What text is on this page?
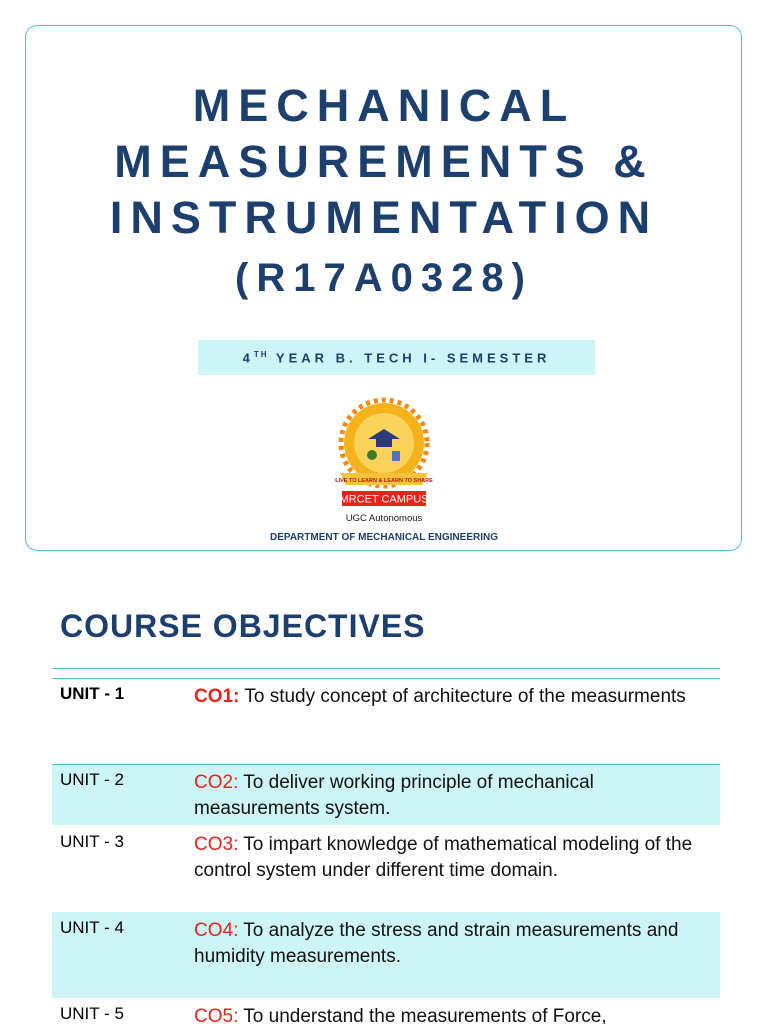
MECHANICAL
MEASUREMENTS &
INSTRUMENTATION
(R17A0328)
4TH YEAR B. TECH I- SEMESTER
LIVE TO LEARN & LEARN TO SHARE
MRCET CAMPUS
UGC Autonomous
DEPARTMENT OF MECHANICAL ENGINEERING
COURSE OBJECTIVES
UNIT - 1	CO1: To study concept of architecture of the measurments
UNIT - 2	CO2: To deliver working principle of mechanical measurements system.
UNIT - 3	CO3: To impart knowledge of mathematical modeling of the control system under different time domain.
UNIT - 4	CO4: To analyze the stress and strain measurements and humidity measurements.
UNIT - 5	CO5: To understand the measurements of Force,
